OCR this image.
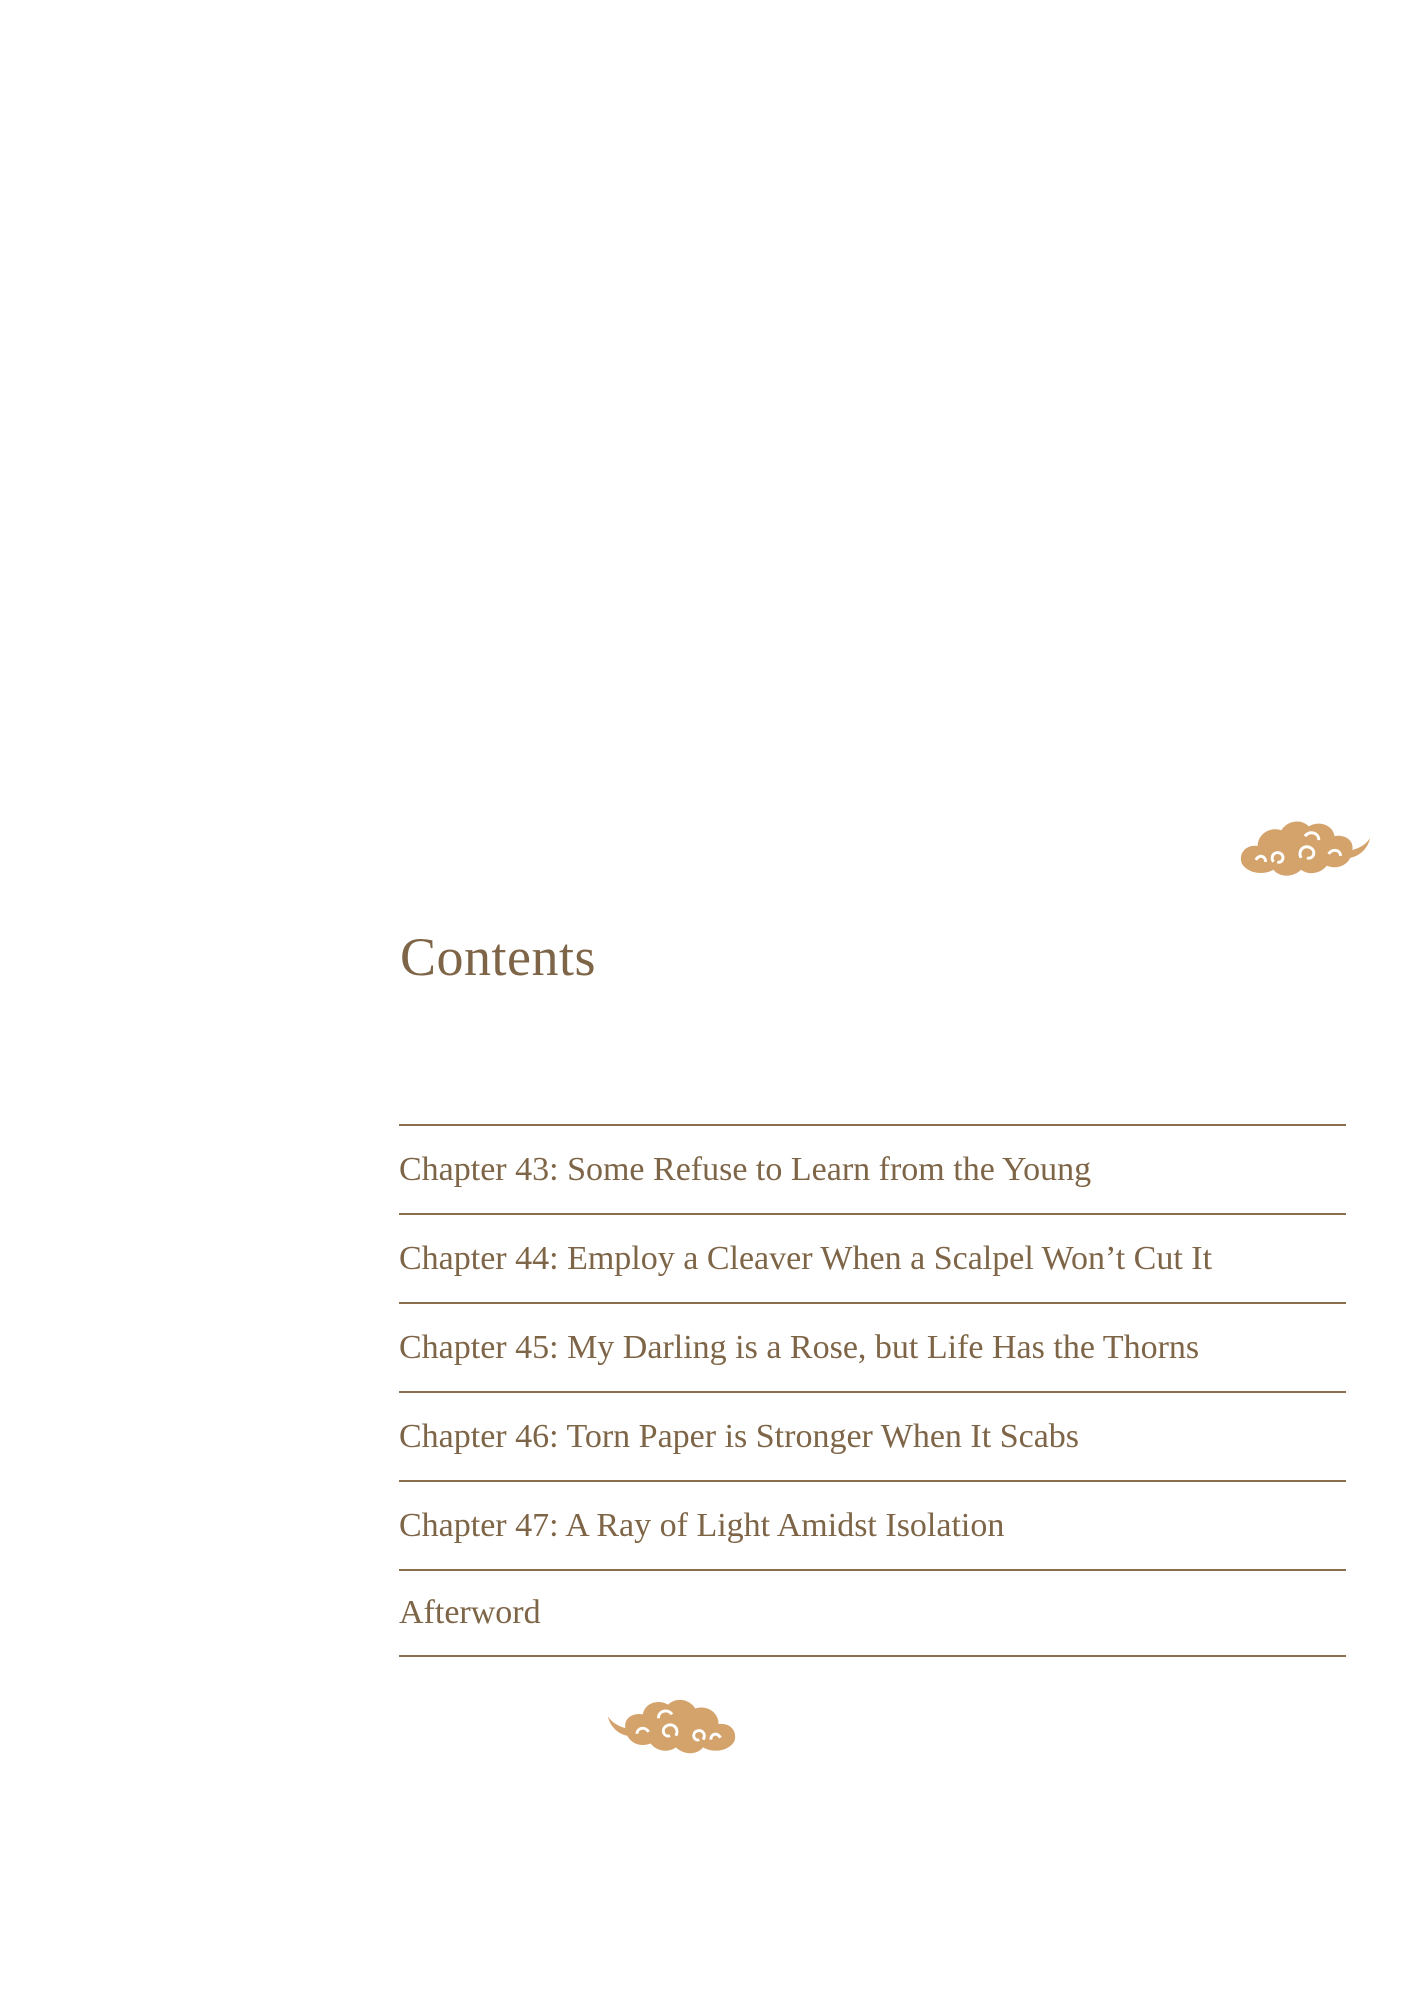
Contents
Chapter 43: Some Refuse to Learn from the Young
Chapter 44: Employ a Cleaver When a Scalpel Won’t Cut It
Chapter 45: My Darling is a Rose, but Life Has the Thorns
Chapter 46: Torn Paper is Stronger When It Scabs
Chapter 47: A Ray of Light Amidst Isolation
Afterword
